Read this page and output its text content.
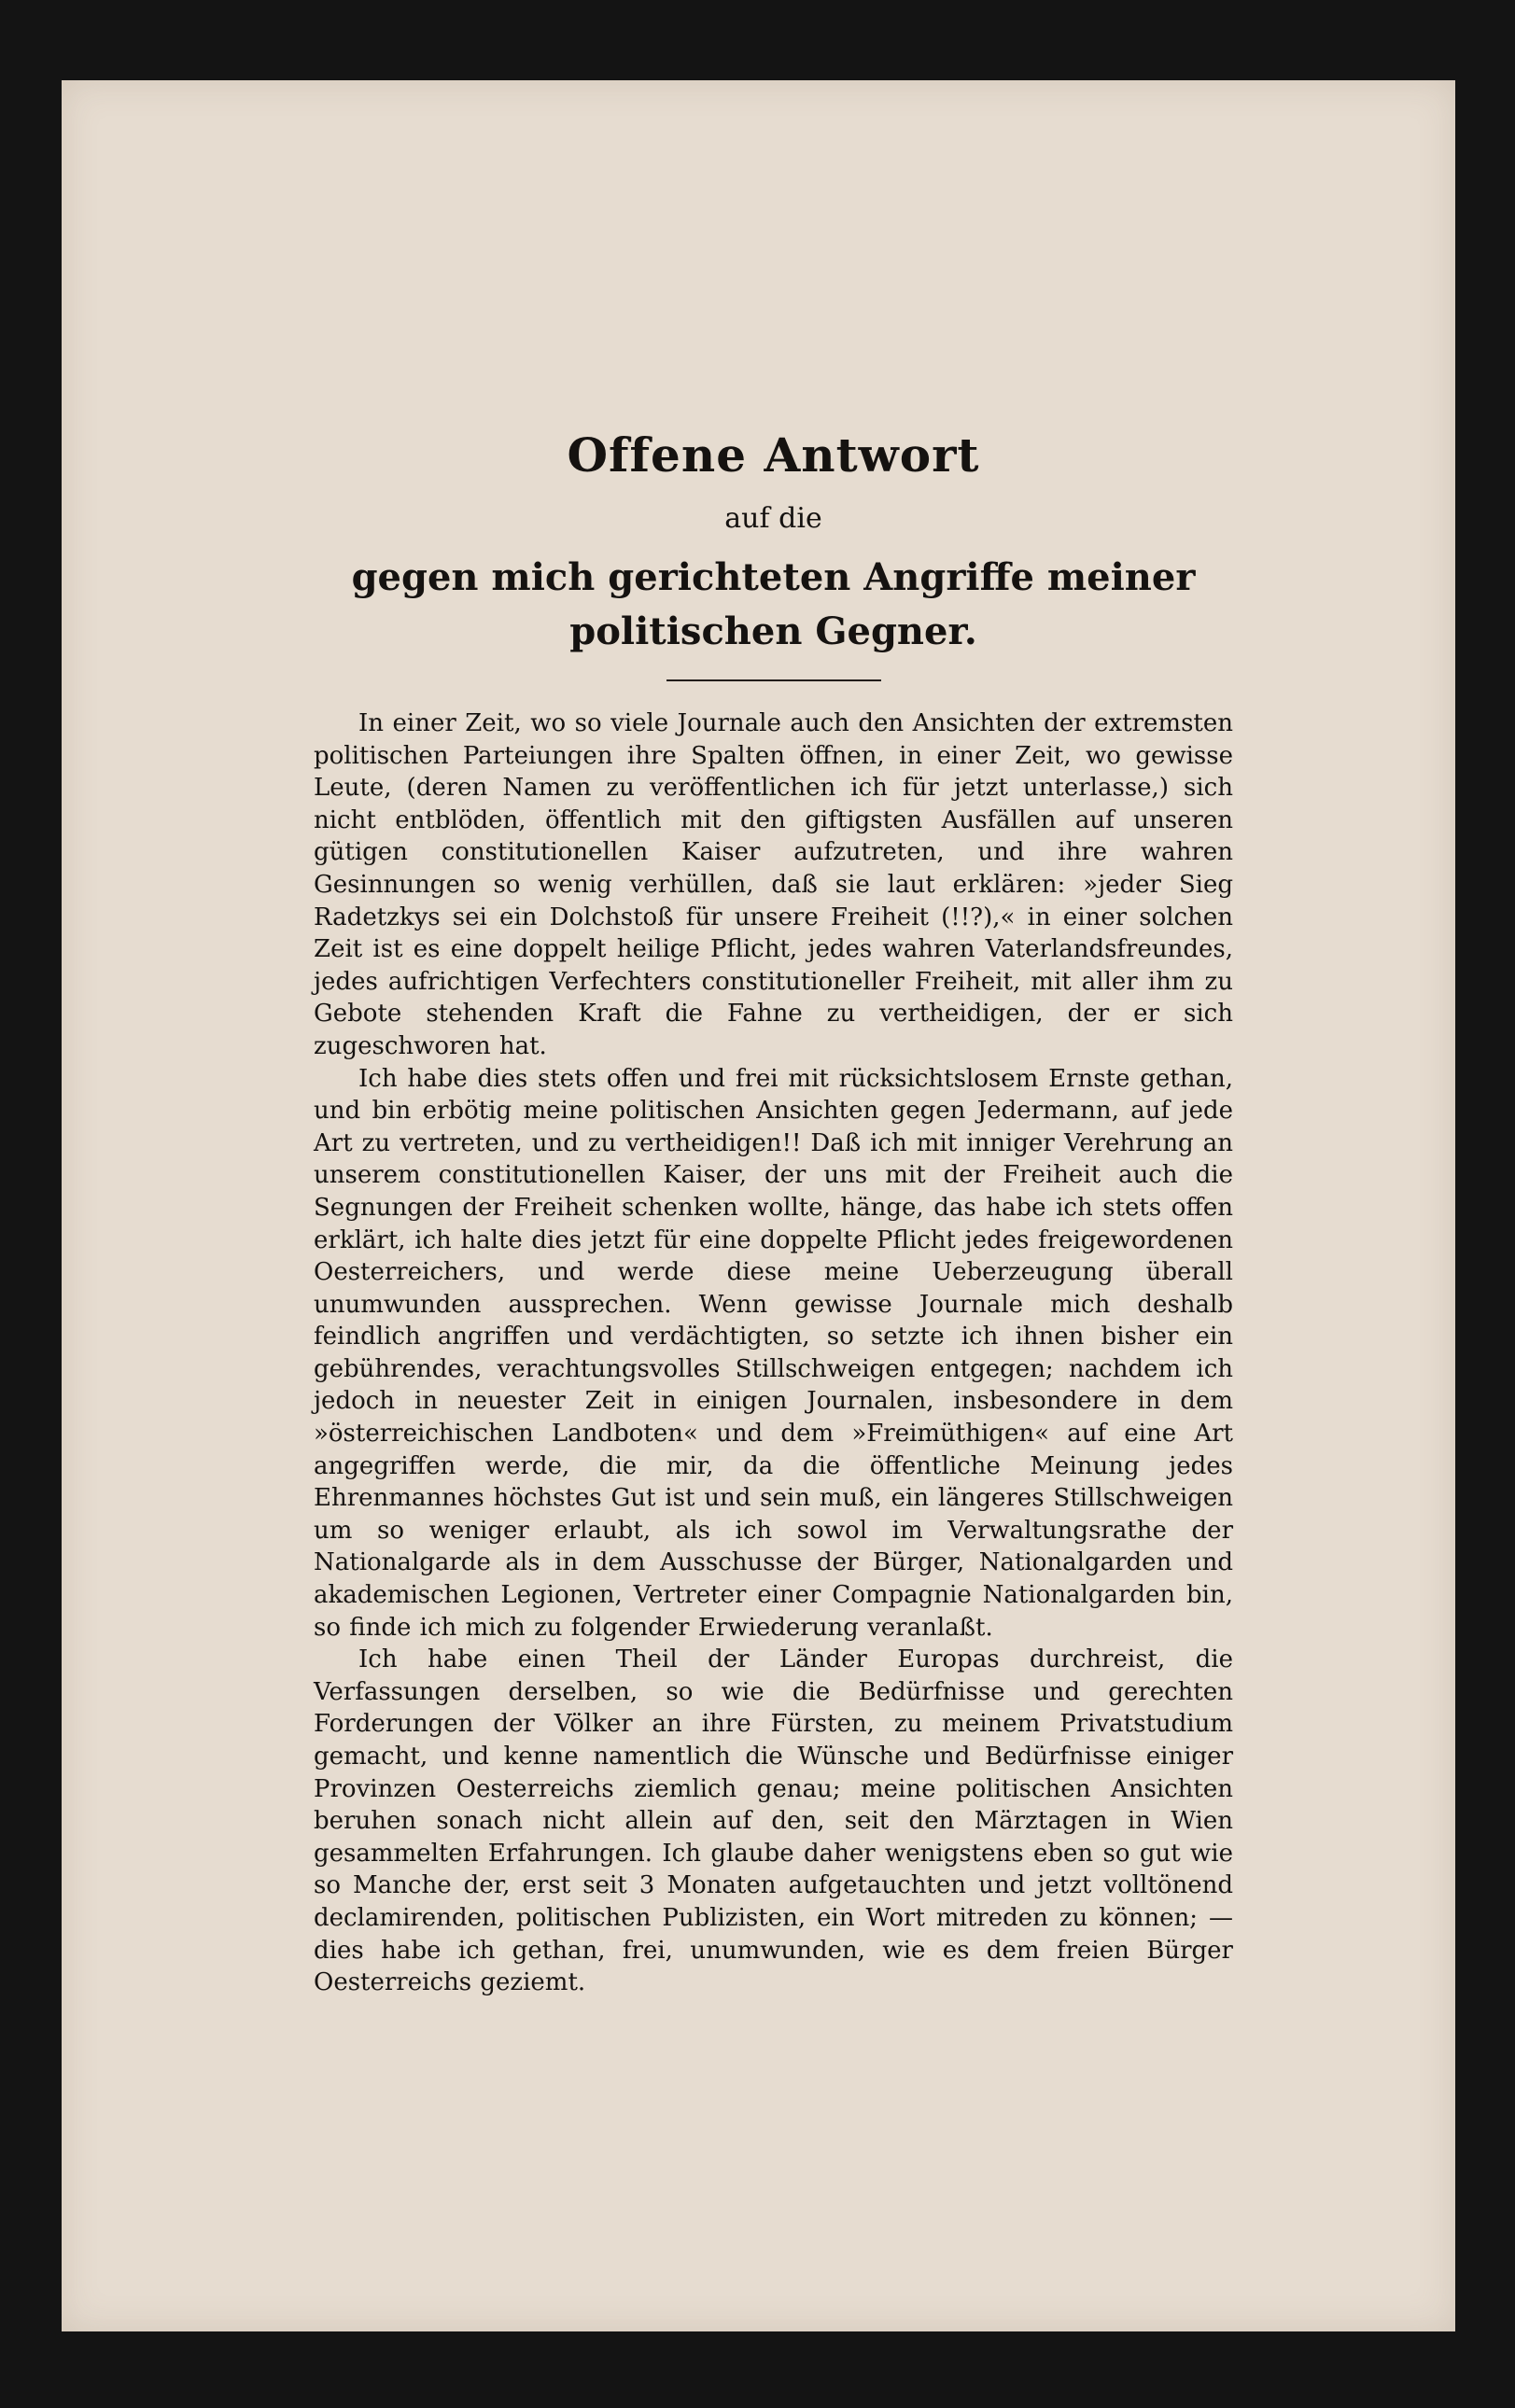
Offene Antwort
auf die
gegen mich gerichteten Angriffe meiner politischen Gegner.

In einer Zeit, wo so viele Journale auch den Ansichten der extremsten politischen Parteiungen ihre Spalten öffnen, in einer Zeit, wo gewisse Leute, (deren Namen zu veröffentlichen ich für jetzt unterlasse,) sich nicht entblöden, öffentlich mit den giftigsten Ausfällen auf unseren gütigen constitutionellen Kaiser aufzutreten, und ihre wahren Gesinnungen so wenig verhüllen, daß sie laut erklären: »jeder Sieg Radetzkys sei ein Dolchstoß für unsere Freiheit (!!?),« in einer solchen Zeit ist es eine doppelt heilige Pflicht, jedes wahren Vaterlandsfreundes, jedes aufrichtigen Verfechters constitutioneller Freiheit, mit aller ihm zu Gebote stehenden Kraft die Fahne zu vertheidigen, der er sich zugeschworen hat.

Ich habe dies stets offen und frei mit rücksichtslosem Ernste gethan, und bin erbötig meine politischen Ansichten gegen Jedermann, auf jede Art zu vertreten, und zu vertheidigen!! Daß ich mit inniger Verehrung an unserem constitutionellen Kaiser, der uns mit der Freiheit auch die Segnungen der Freiheit schenken wollte, hänge, das habe ich stets offen erklärt, ich halte dies jetzt für eine doppelte Pflicht jedes freigewordenen Oesterreichers, und werde diese meine Ueberzeugung überall unumwunden aussprechen. Wenn gewisse Journale mich deshalb feindlich angriffen und verdächtigten, so setzte ich ihnen bisher ein gebührendes, verachtungsvolles Stillschweigen entgegen; nachdem ich jedoch in neuester Zeit in einigen Journalen, insbesondere in dem »österreichischen Landboten« und dem »Freimüthigen« auf eine Art angegriffen werde, die mir, da die öffentliche Meinung jedes Ehrenmannes höchstes Gut ist und sein muß, ein längeres Stillschweigen um so weniger erlaubt, als ich sowol im Verwaltungsrathe der Nationalgarde als in dem Ausschusse der Bürger, Nationalgarden und akademischen Legionen, Vertreter einer Compagnie Nationalgarden bin, so finde ich mich zu folgender Erwiederung veranlaßt.

Ich habe einen Theil der Länder Europas durchreist, die Verfassungen derselben, so wie die Bedürfnisse und gerechten Forderungen der Völker an ihre Fürsten, zu meinem Privatstudium gemacht, und kenne namentlich die Wünsche und Bedürfnisse einiger Provinzen Oesterreichs ziemlich genau; meine politischen Ansichten beruhen sonach nicht allein auf den, seit den Märztagen in Wien gesammelten Erfahrungen. Ich glaube daher wenigstens eben so gut wie so Manche der, erst seit 3 Monaten aufgetauchten und jetzt volltönend declamirenden, politischen Publizisten, ein Wort mitreden zu können; — dies habe ich gethan, frei, unumwunden, wie es dem freien Bürger Oesterreichs geziemt.
